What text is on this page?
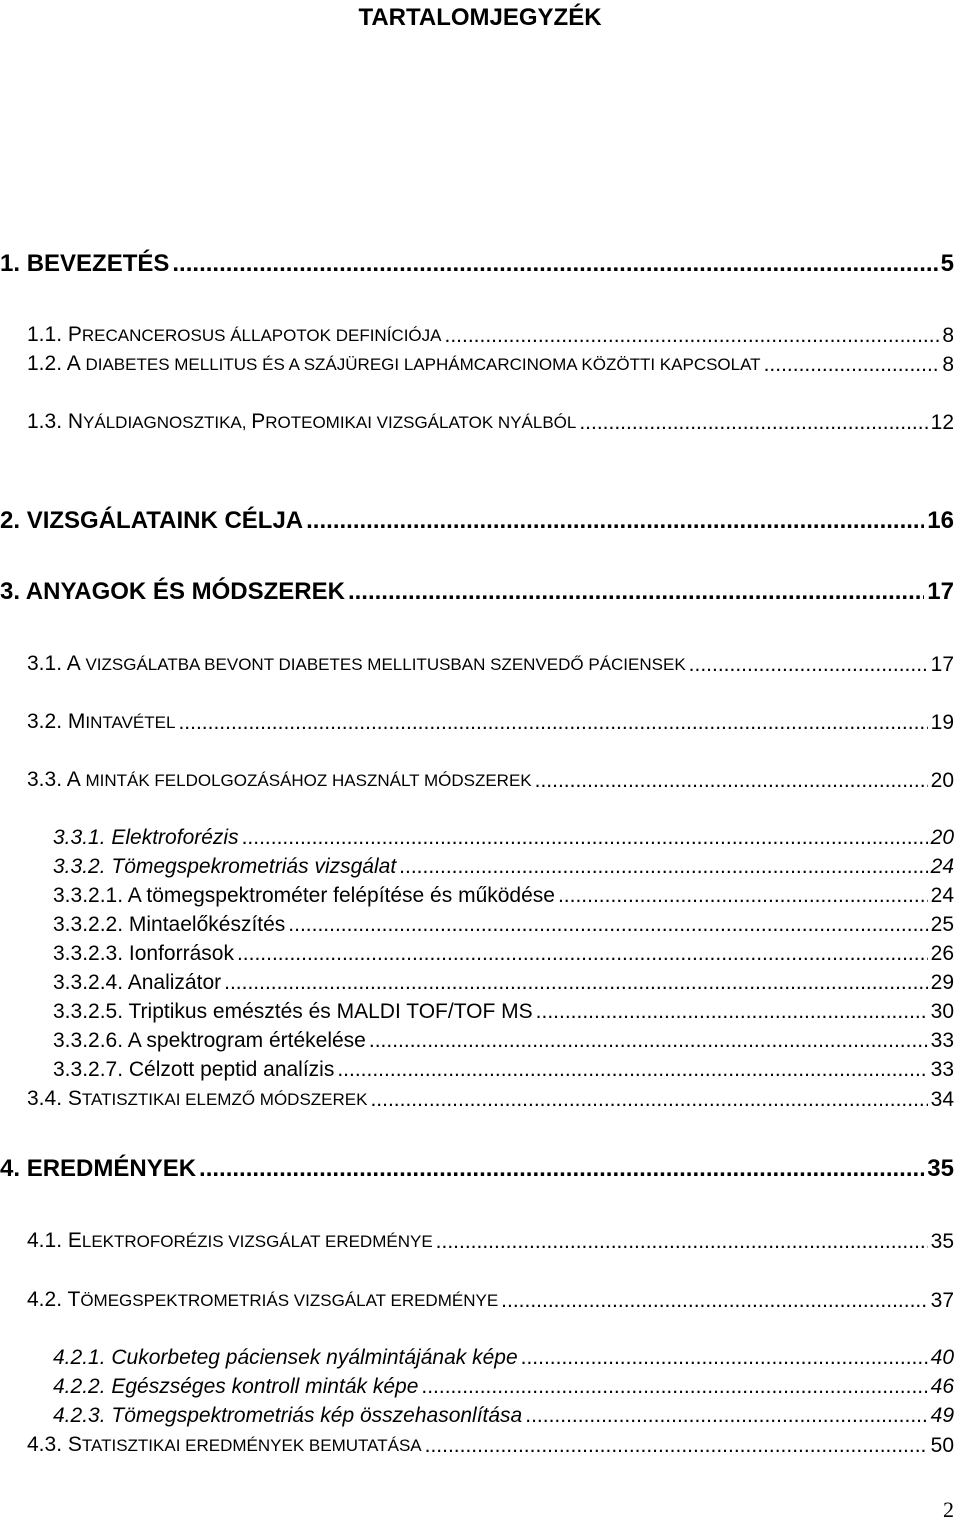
TARTALOMJEGYZÉK
1. BEVEZETÉS .....	5
1.1. PRECANCEROSUS ÁLLAPOTOK DEFINÍCIÓJA .....	8
1.2. A DIABETES MELLITUS ÉS A SZÁJÜREGI LAPHÁMCARCINOMA KÖZÖTTI KAPCSOLAT .....	8
1.3. NYÁLDIAGNOSZTIKA, PROTEOMIKAI VIZSGÁLATOK NYÁLBÓL .....	12
2. VIZSGÁLATAINK CÉLJA .....	16
3. ANYAGOK ÉS MÓDSZEREK .....	17
3.1. A VIZSGÁLATBA BEVONT DIABETES MELLITUSBAN SZENVEDŐ PÁCIENSEK .....	17
3.2. MINTAVÉTEL .....	19
3.3. A MINTÁK FELDOLGOZÁSÁHOZ HASZNÁLT MÓDSZEREK .....	20
3.3.1. Elektroforézis .....	20
3.3.2. Tömegspekrometriás vizsgálat .....	24
3.3.2.1. A tömegspektrométer felépítése és működése .....	24
3.3.2.2. Mintaelőkészítés .....	25
3.3.2.3. Ionforrások .....	26
3.3.2.4. Analizátor .....	29
3.3.2.5. Triptikus emésztés és MALDI TOF/TOF MS .....	30
3.3.2.6. A spektrogram értékelése .....	33
3.3.2.7. Célzott peptid analízis .....	33
3.4. STATISZTIKAI ELEMZŐ MÓDSZEREK .....	34
4. EREDMÉNYEK .....	35
4.1. ELEKTROFORÉZIS VIZSGÁLAT EREDMÉNYE .....	35
4.2. TÖMEGSPEKTROMETRIÁS VIZSGÁLAT EREDMÉNYE .....	37
4.2.1. Cukorbeteg páciensek nyálmintájának képe .....	40
4.2.2. Egészséges kontroll minták képe .....	46
4.2.3. Tömegspektrometriás kép összehasonlítása .....	49
4.3. STATISZTIKAI EREDMÉNYEK BEMUTATÁSA .....	50
2
